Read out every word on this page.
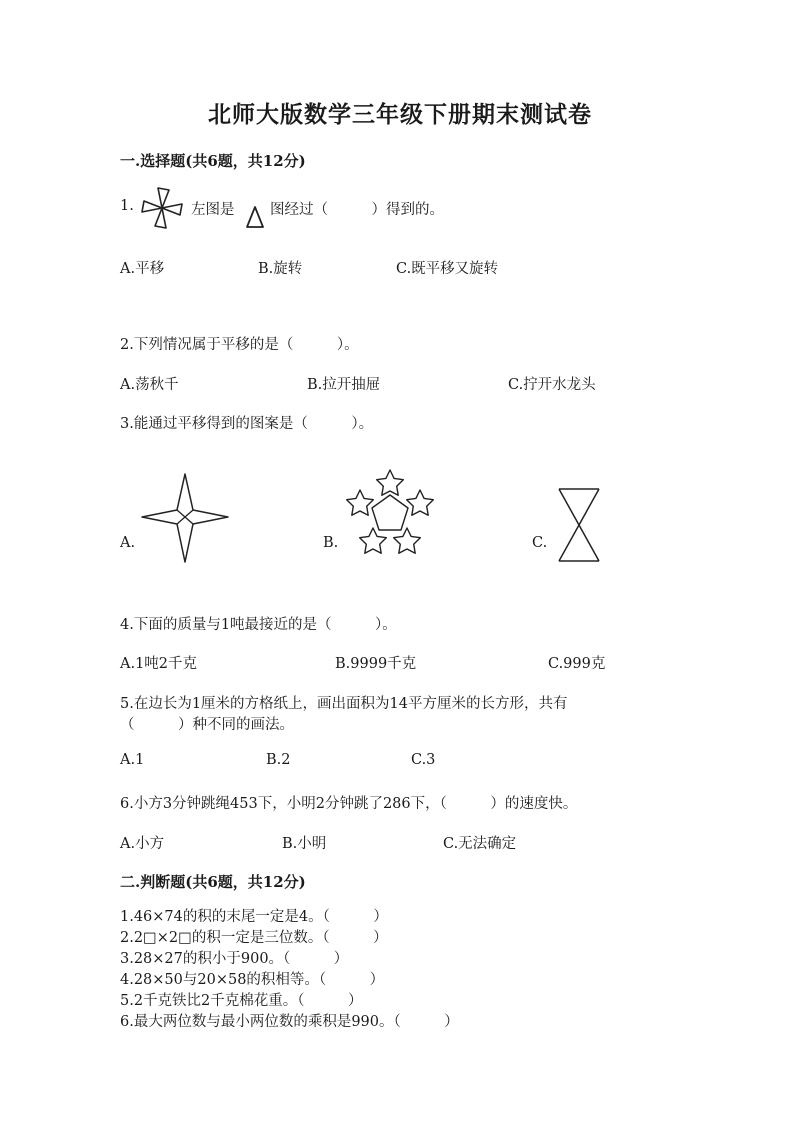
北师大版数学三年级下册期末测试卷
一.选择题(共6题，共12分)
1.	左图是 图经过（　　　）得到的。
A.平移	B.旋转	C.既平移又旋转
2.下列情况属于平移的是（　　　）。
A.荡秋千	B.拉开抽屉	C.拧开水龙头
3.能通过平移得到的图案是（　　　）。
A.	B.	C.
4.下面的质量与1吨最接近的是（　　　）。
A.1吨2千克	B.9999千克	C.999克
5.在边长为1厘米的方格纸上，画出面积为14平方厘米的长方形，共有
（　　　）种不同的画法。
A.1	B.2	C.3
6.小方3分钟跳绳453下，小明2分钟跳了286下，（　　　）的速度快。
A.小方	B.小明	C.无法确定
二.判断题(共6题，共12分)
1.46×74的积的末尾一定是4。（　　　）
2.2□×2□的积一定是三位数。（　　　）
3.28×27的积小于900。（　　　）
4.28×50与20×58的积相等。（　　　）
5.2千克铁比2千克棉花重。（　　　）
6.最大两位数与最小两位数的乘积是990。（　　　）
